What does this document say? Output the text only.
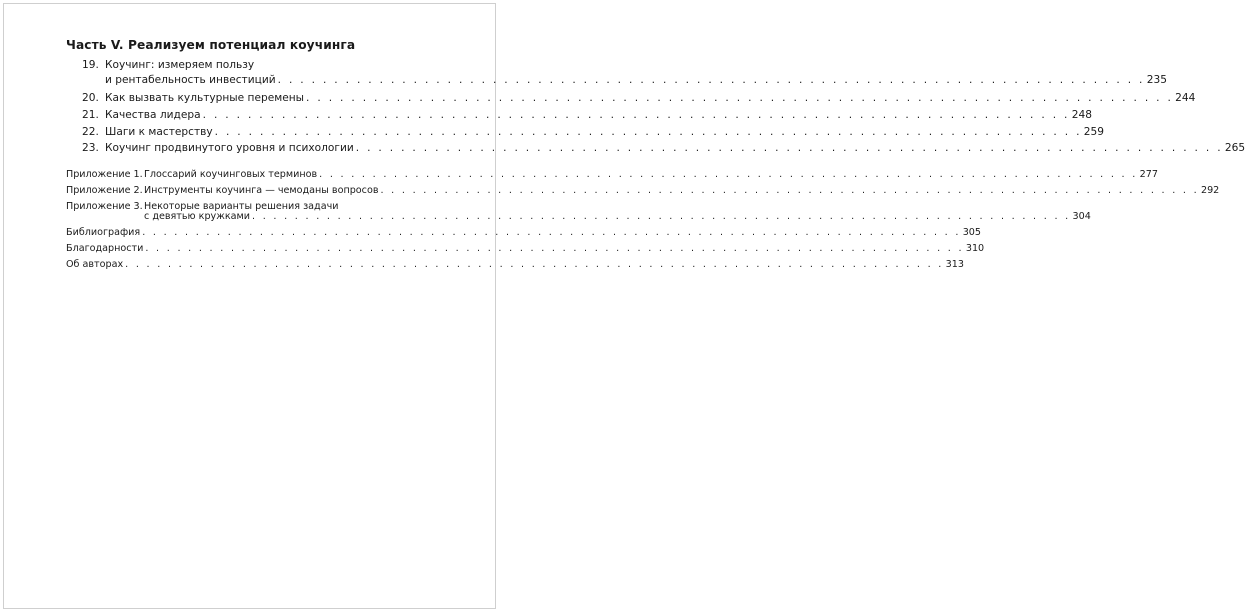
Часть V. Реализуем потенциал коучинга
19. Коучинг: измеряем пользу
и рентабельность инвестиций . . . . . . . . . . . . . . . . . . . . . . . . . . . . . . . . . . . . . . . . . . . . . . . . . . . . . . . . . . . . . . . . . . . . . . . . . . . . . 235
20. Как вызвать культурные перемены . . . . . . . . . . . . . . . . . . . . . . . . . . . . . . . . . . . . . . . . . . . . . . . . . . . . . . . . . . . . . . . . . . . . . . . . . . . . . 244
21. Качества лидера . . . . . . . . . . . . . . . . . . . . . . . . . . . . . . . . . . . . . . . . . . . . . . . . . . . . . . . . . . . . . . . . . . . . . . . . . . . . . 248
22. Шаги к мастерству . . . . . . . . . . . . . . . . . . . . . . . . . . . . . . . . . . . . . . . . . . . . . . . . . . . . . . . . . . . . . . . . . . . . . . . . . . . . . 259
23. Коучинг продвинутого уровня и психологии . . . . . . . . . . . . . . . . . . . . . . . . . . . . . . . . . . . . . . . . . . . . . . . . . . . . . . . . . . . . . . . . . . . . . . . . . . . . . 265
Приложение 1. Глоссарий коучинговых терминов . . . . . . . . . . . . . . . . . . . . . . . . . . . . . . . . . . . . . . . . . . . . . . . . . . . . . . . . . . . . . . . . . . . . . . . . . . . . . 277
Приложение 2. Инструменты коучинга — чемоданы вопросов . . . . . . . . . . . . . . . . . . . . . . . . . . . . . . . . . . . . . . . . . . . . . . . . . . . . . . . . . . . . . . . . . . . . . . . . . . . . . 292
Приложение 3. Некоторые варианты решения задачи
с девятью кружками . . . . . . . . . . . . . . . . . . . . . . . . . . . . . . . . . . . . . . . . . . . . . . . . . . . . . . . . . . . . . . . . . . . . . . . . . . . . . 304
Библиография . . . . . . . . . . . . . . . . . . . . . . . . . . . . . . . . . . . . . . . . . . . . . . . . . . . . . . . . . . . . . . . . . . . . . . . . . . . . . 305
Благодарности . . . . . . . . . . . . . . . . . . . . . . . . . . . . . . . . . . . . . . . . . . . . . . . . . . . . . . . . . . . . . . . . . . . . . . . . . . . . . 310
Об авторах . . . . . . . . . . . . . . . . . . . . . . . . . . . . . . . . . . . . . . . . . . . . . . . . . . . . . . . . . . . . . . . . . . . . . . . . . . . . . 313
